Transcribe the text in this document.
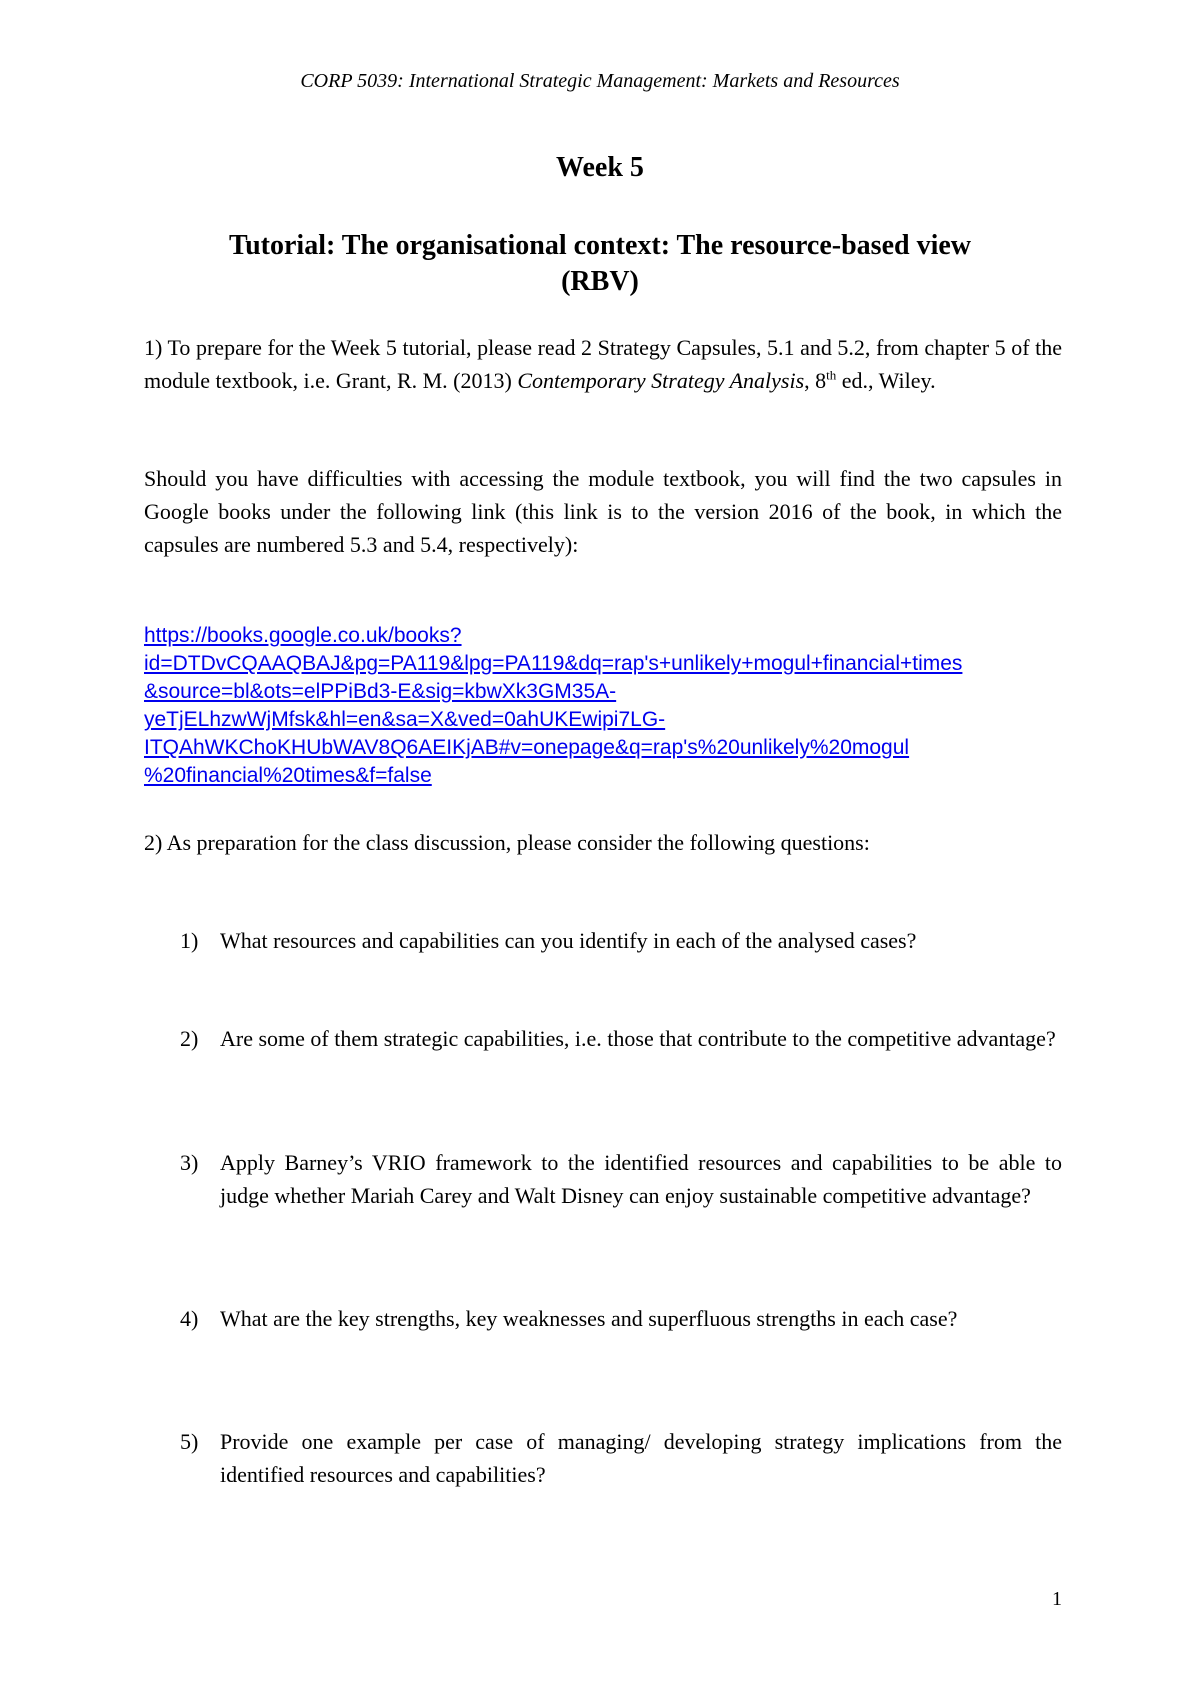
CORP 5039: International Strategic Management: Markets and Resources
Week 5
Tutorial: The organisational context: The resource-based view
(RBV)
1) To prepare for the Week 5 tutorial, please read 2 Strategy Capsules, 5.1 and 5.2, from chapter 5 of the module textbook, i.e. Grant, R. M. (2013) Contemporary Strategy Analysis, 8th ed., Wiley.
Should you have difficulties with accessing the module textbook, you will find the two capsules in Google books under the following link (this link is to the version 2016 of the book, in which the capsules are numbered 5.3 and 5.4, respectively):
https://books.google.co.uk/books?
id=DTDvCQAAQBAJ&pg=PA119&lpg=PA119&dq=rap's+unlikely+mogul+financial+times
&source=bl&ots=elPPiBd3-E&sig=kbwXk3GM35A-
yeTjELhzwWjMfsk&hl=en&sa=X&ved=0ahUKEwipi7LG-
ITQAhWKChoKHUbWAV8Q6AEIKjAB#v=onepage&q=rap's%20unlikely%20mogul
%20financial%20times&f=false
2) As preparation for the class discussion, please consider the following questions:
1) What resources and capabilities can you identify in each of the analysed cases?
2) Are some of them strategic capabilities, i.e. those that contribute to the competitive advantage?
3) Apply Barney’s VRIO framework to the identified resources and capabilities to be able to judge whether Mariah Carey and Walt Disney can enjoy sustainable competitive advantage?
4) What are the key strengths, key weaknesses and superfluous strengths in each case?
5) Provide one example per case of managing/ developing strategy implications from the identified resources and capabilities?
1
